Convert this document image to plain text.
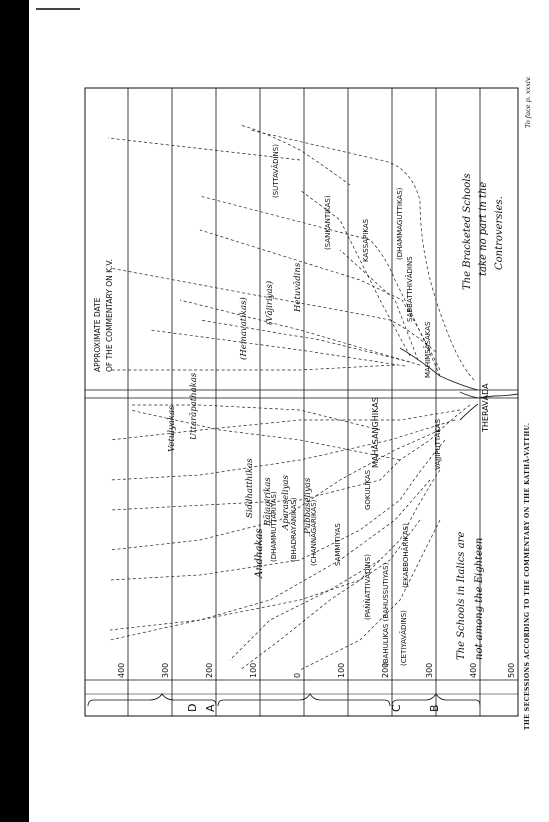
400	300	200	100	0	100	200	300	400	500
A
D	B
C
APPROXIMATE DATE OF THE COMMENTARY ON K.V.
THERAVĀDA
MAHIMSĀSAKAS
SABBATTHIVĀDINS
KASSAPIKAS	(DHAMMAGUTTIKAS)
(SANKANTIKAS)
(SUTTAVĀDINS)
(Hemavatikas) (Vājiriyas) Hetuvādins
VAJJIPUTTAKAS
MAHĀSANGHIKAS
(DHAMMUTTARIYAS) (BHADRAYĀNIKAS) (CHANNĀGARIKAS) SAMMITIYAS
GOKULIKAS
(EKABBOHĀRIKAS)
(PAÑÑATTIVĀDINS) (BAHULIKAS (BAHUSSUTIYAS) (CETIYAVĀDINS)
Vetulyakas Uttarāpathakas
Siddhatthikas Rājagirikas Aparaseliyas Pubbaseliyas
Andhakas
The Bracketed Schools take no part in the Controversies.
The Schools in Italics are not among the Eighteen	THE SECESSIONS ACCORDING TO THE COMMENTARY ON THE KATHĀ-VATTHU.
To face p. xxxiv.
